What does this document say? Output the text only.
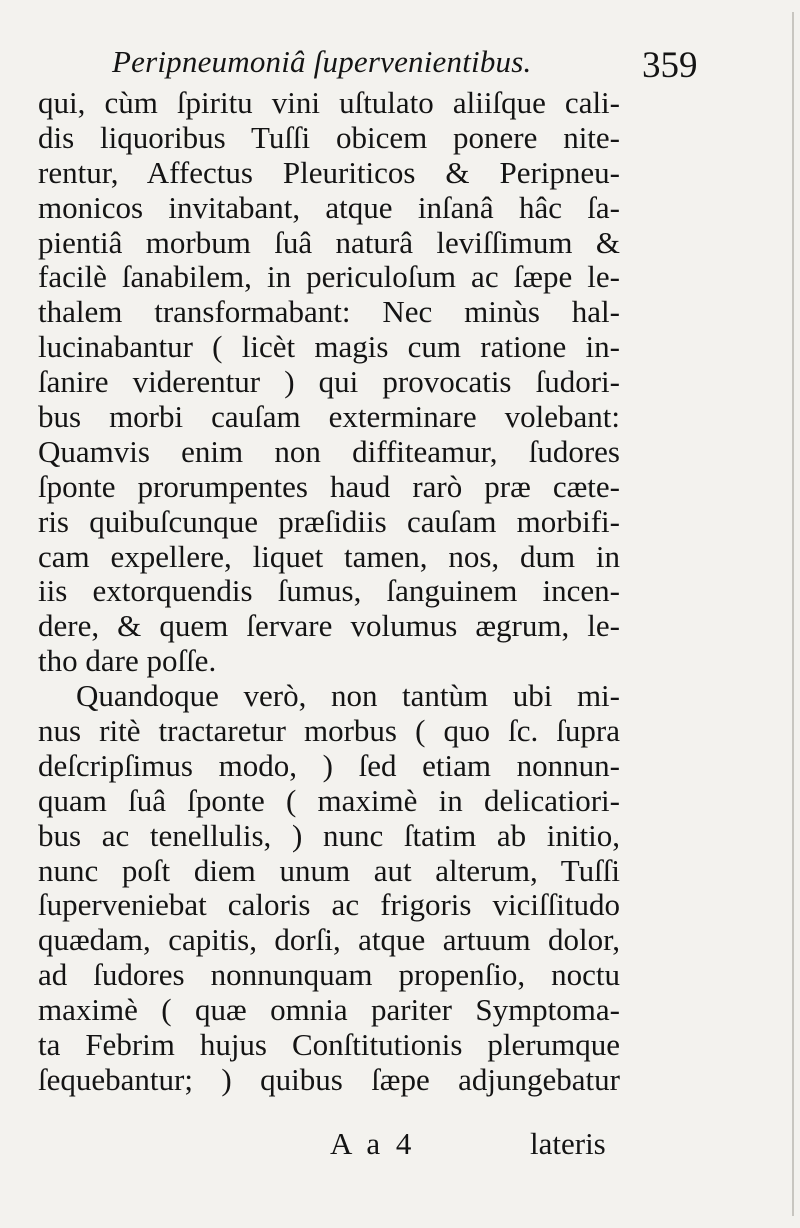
Peripneumoniâ ſupervenientibus.	359
qui, cùm ſpiritu vini uſtulato aliiſque cali-
dis liquoribus Tuſſi obicem ponere nite-
rentur, Affectus Pleuriticos & Peripneu-
monicos invitabant, atque inſanâ hâc ſa-
pientiâ morbum ſuâ naturâ leviſſimum &
facilè ſanabilem, in periculoſum ac ſæpe le-
thalem transformabant: Nec minùs hal-
lucinabantur ( licèt magis cum ratione in-
ſanire viderentur ) qui provocatis ſudori-
bus morbi cauſam exterminare volebant:
Quamvis enim non diffiteamur, ſudores
ſponte prorumpentes haud rarò præ cæte-
ris quibuſcunque præſidiis cauſam morbifi-
cam expellere, liquet tamen, nos, dum in
iis extorquendis ſumus, ſanguinem incen-
dere, & quem ſervare volumus ægrum, le-
tho dare poſſe.
Quandoque verò, non tantùm ubi mi-
nus ritè tractaretur morbus ( quo ſc. ſupra
deſcripſimus modo, ) ſed etiam nonnun-
quam ſuâ ſponte ( maximè in delicatiori-
bus ac tenellulis, ) nunc ſtatim ab initio,
nunc poſt diem unum aut alterum, Tuſſi
ſuperveniebat caloris ac frigoris viciſſitudo
quædam, capitis, dorſi, atque artuum dolor,
ad ſudores nonnunquam propenſio, noctu
maximè ( quæ omnia pariter Symptoma-
ta Febrim hujus Conſtitutionis plerumque
ſequebantur; ) quibus ſæpe adjungebatur
A a 4	lateris
